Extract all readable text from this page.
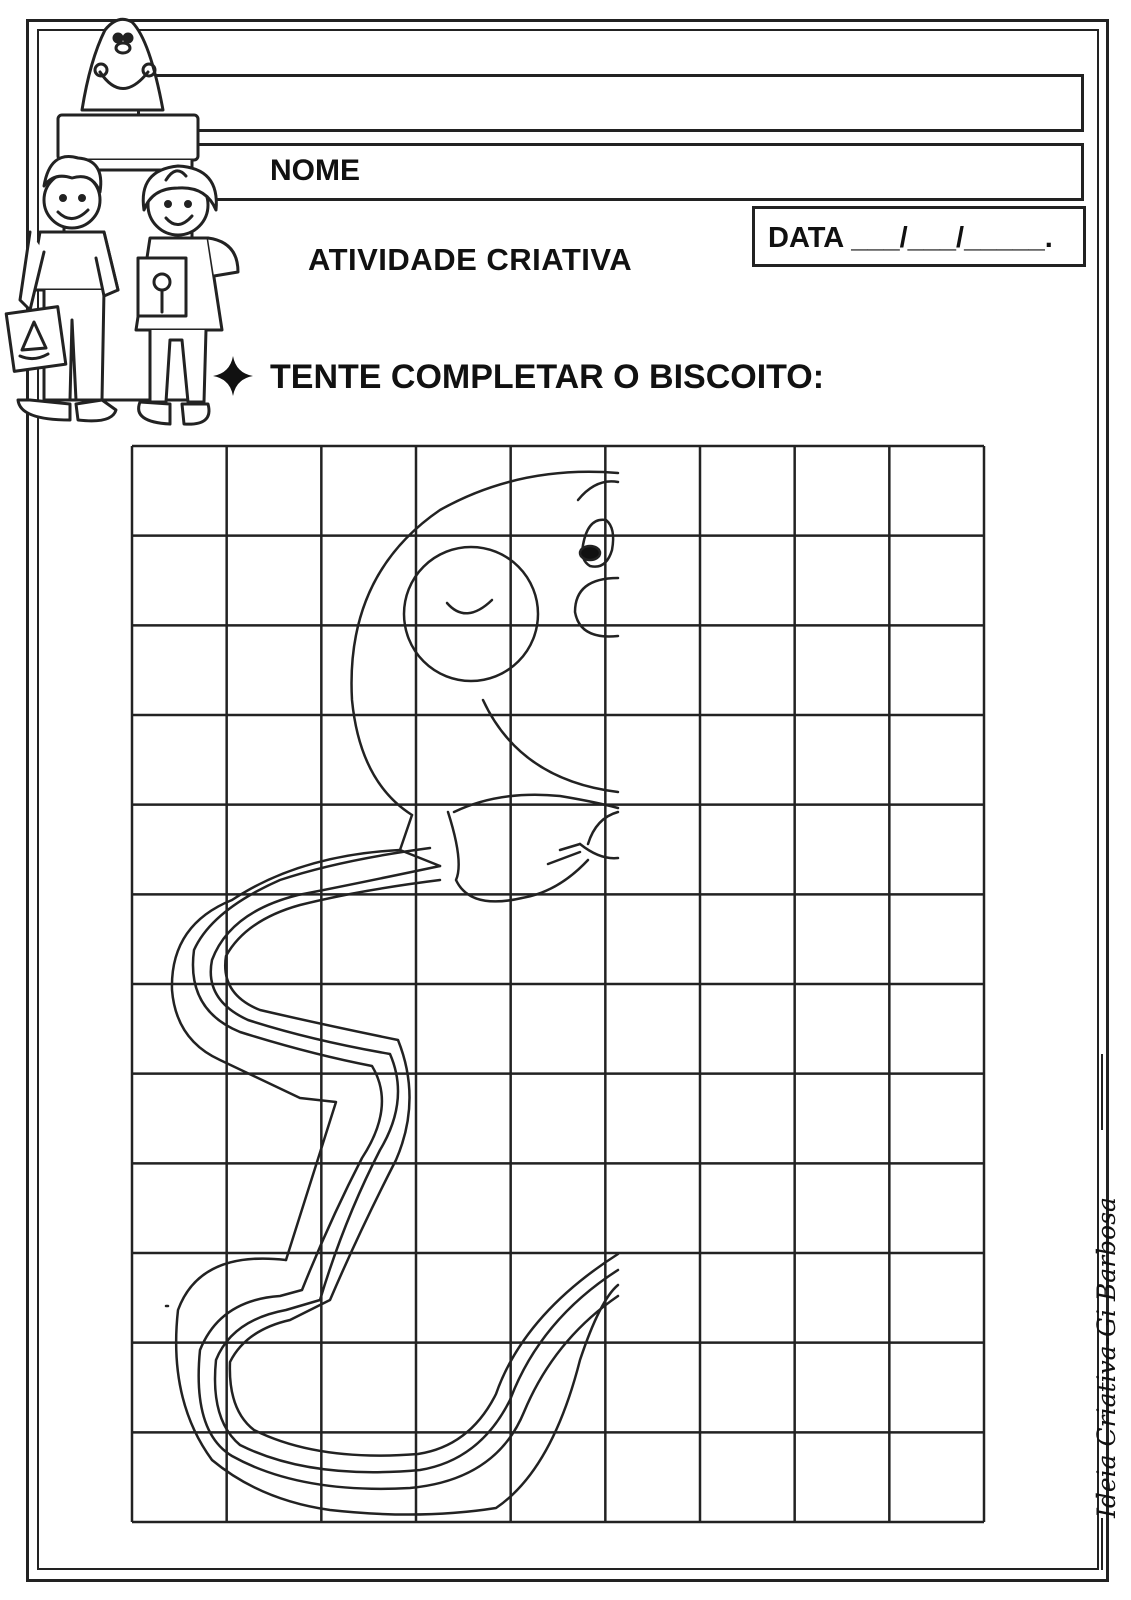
NOME
ATIVIDADE CRIATIVA
DATA ___/___/_____.
TENTE COMPLETAR O BISCOITO:
Ideia Criativa-Gi Barbosa
